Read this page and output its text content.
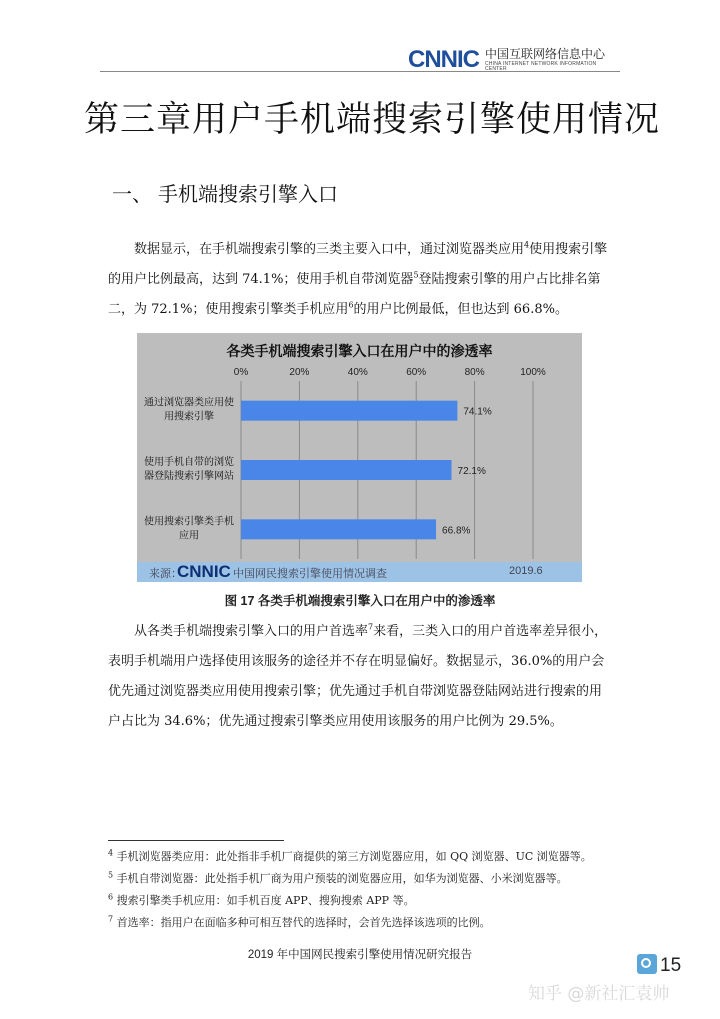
CNNIC 中国互联网络信息中心
CHINA INTERNET NETWORK INFORMATION CENTER
第三章用户手机端搜索引擎使用情况
一、 手机端搜索引擎入口

数据显示，在手机端搜索引擎的三类主要入口中，通过浏览器类应用$^4$使用搜索引擎的用户比例最高，达到 74.1%；使用手机自带浏览器$^5$登陆搜索引擎的用户占比排名第二，为 72.1%；使用搜索引擎类手机应用$^6$的用户比例最低，但也达到 66.8%。

0%	20%	40%	60%	80%	100%
74.1%
通过浏览器类应用使用搜索引擎
72.1%
使用手机自带的浏览器登陆搜索引擎网站
66.8%
使用搜索引擎类手机应用
各类手机端搜索引擎入口在用户中的渗透率
来源：
CNNIC 中国网民搜索引擎使用情况调查	2019.6
图 17 各类手机端搜索引擎入口在用户中的渗透率

从各类手机端搜索引擎入口的用户首选率$^7$来看，三类入口的用户首选率差异很小，表明手机端用户选择使用该服务的途径并不存在明显偏好。数据显示，36.0%的用户会优先通过浏览器类应用使用搜索引擎；优先通过手机自带浏览器登陆网站进行搜索的用户占比为 34.6%；优先通过搜索引擎类应用使用该服务的用户比例为 29.5%。

$^4$ 手机浏览器类应用：此处指非手机厂商提供的第三方浏览器应用，如 QQ 浏览器、UC 浏览器等。
$^5$ 手机自带浏览器：此处指手机厂商为用户预装的浏览器应用，如华为浏览器、小米浏览器等。
$^6$ 搜索引擎类手机应用：如手机百度 APP、搜狗搜索 APP 等。
$^7$ 首选率：指用户在面临多种可相互替代的选择时，会首先选择该选项的比例。
2019 年中国网民搜索引擎使用情况研究报告	15
知乎 @新社汇袁帅
